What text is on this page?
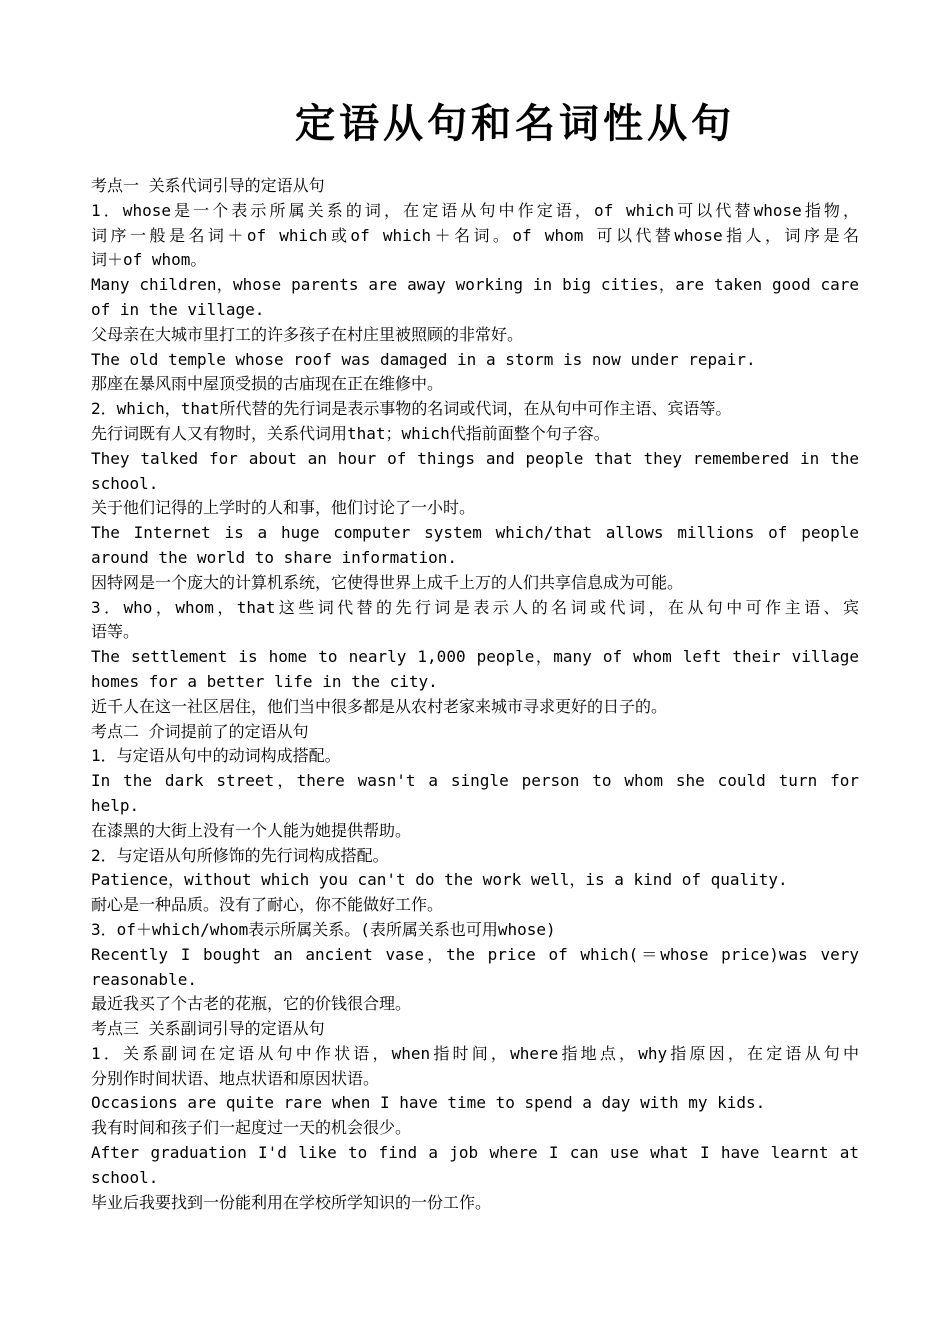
定语从句和名词性从句
考点一 关系代词引导的定语从句
1．whose是一个表示所属关系的词，在定语从句中作定语，of which可以代替whose指物，
词序一般是名词＋of which或of which＋名词。of whom 可以代替whose指人，词序是名
词＋of whom。
Many children，whose parents are away working in big cities，are taken good care
of in the village.
父母亲在大城市里打工的许多孩子在村庄里被照顾的非常好。
The old temple whose roof was damaged in a storm is now under repair.
那座在暴风雨中屋顶受损的古庙现在正在维修中。
2．which，that所代替的先行词是表示事物的名词或代词，在从句中可作主语、宾语等。
先行词既有人又有物时，关系代词用that；which代指前面整个句子容。
They talked for about an hour of things and people that they remembered in the
school.
关于他们记得的上学时的人和事，他们讨论了一小时。
The Internet is a huge computer system which/that allows millions of people
around the world to share information.
因特网是一个庞大的计算机系统，它使得世界上成千上万的人们共享信息成为可能。
3．who，whom，that这些词代替的先行词是表示人的名词或代词，在从句中可作主语、宾
语等。
The settlement is home to nearly 1,000 people，many of whom left their village
homes for a better life in the city.
近千人在这一社区居住，他们当中很多都是从农村老家来城市寻求更好的日子的。
考点二 介词提前了的定语从句
1．与定语从句中的动词构成搭配。
In the dark street，there wasn't a single person to whom she could turn for
help.
在漆黑的大街上没有一个人能为她提供帮助。
2．与定语从句所修饰的先行词构成搭配。
Patience，without which you can't do the work well，is a kind of quality.
耐心是一种品质。没有了耐心，你不能做好工作。
3．of＋which/whom表示所属关系。(表所属关系也可用whose)
Recently I bought an ancient vase，the price of which(＝whose price)was very
reasonable.
最近我买了个古老的花瓶，它的价钱很合理。
考点三 关系副词引导的定语从句
1．关系副词在定语从句中作状语，when指时间，where指地点，why指原因，在定语从句中
分别作时间状语、地点状语和原因状语。
Occasions are quite rare when I have time to spend a day with my kids.
我有时间和孩子们一起度过一天的机会很少。
After graduation I'd like to find a job where I can use what I have learnt at
school.
毕业后我要找到一份能利用在学校所学知识的一份工作。
